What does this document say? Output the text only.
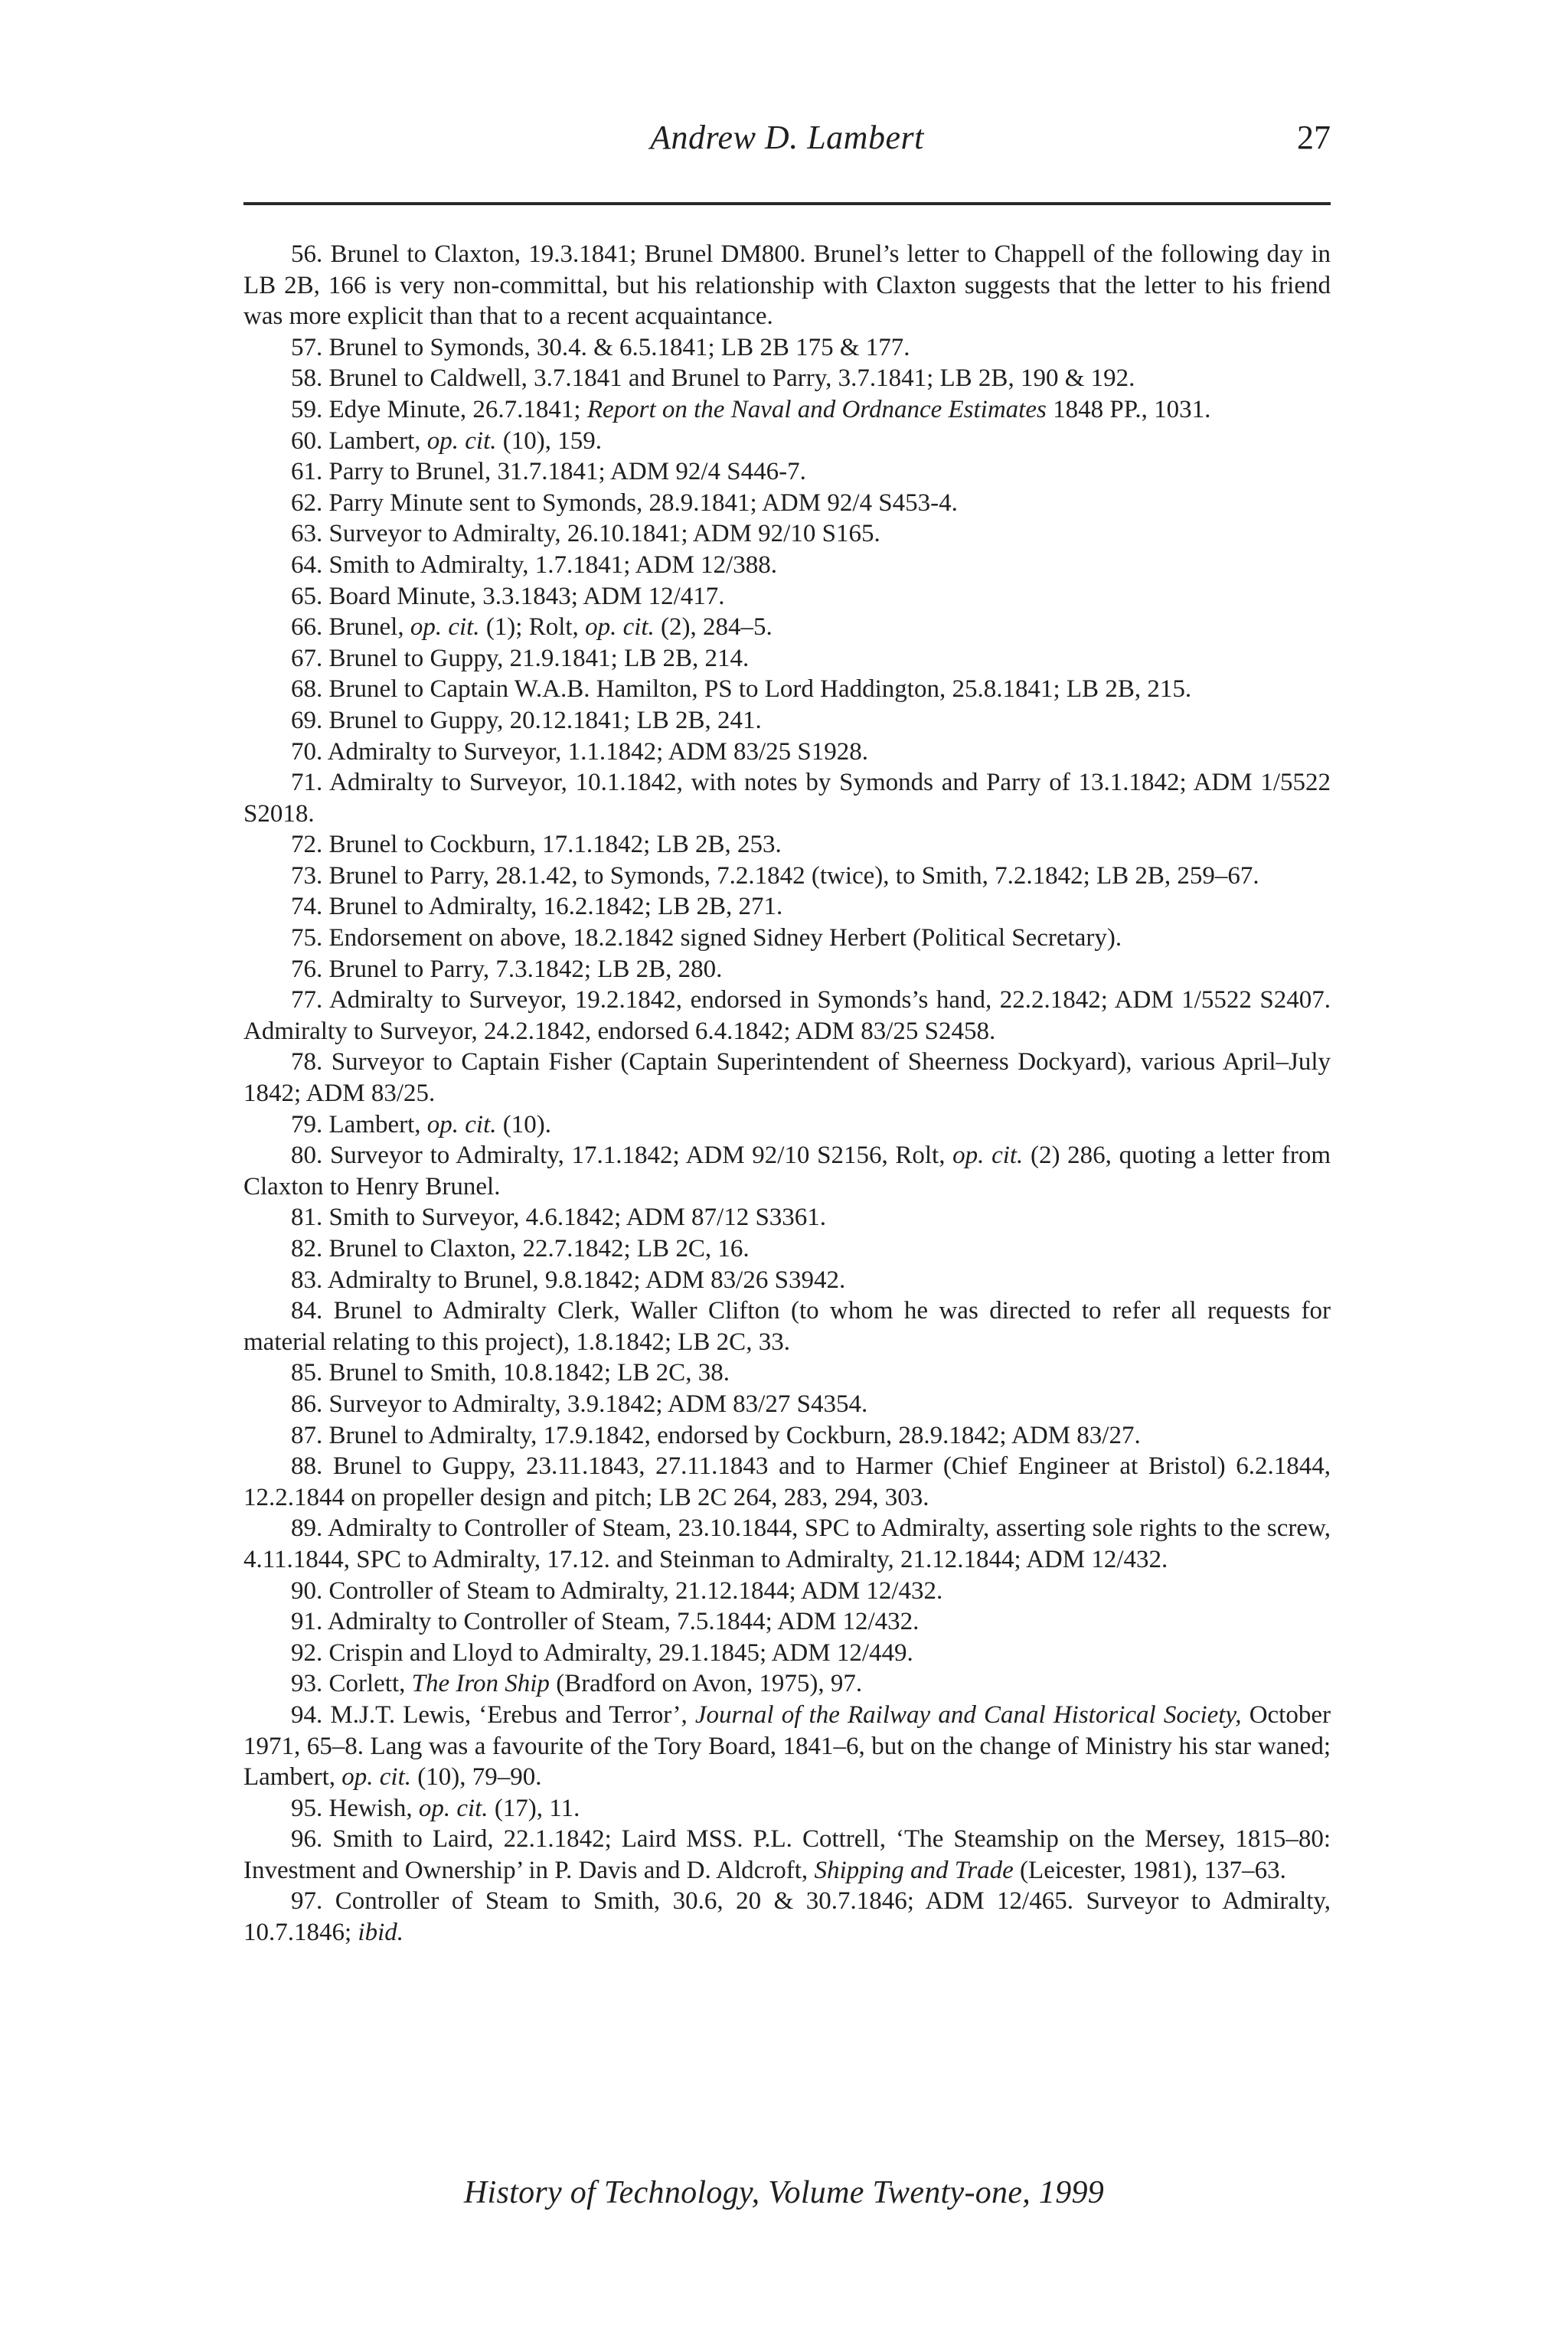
Andrew D. Lambert	27

56. Brunel to Claxton, 19.3.1841; Brunel DM800. Brunel’s letter to Chappell of the following day in LB 2B, 166 is very non-committal, but his relationship with Claxton suggests that the letter to his friend was more explicit than that to a recent acquaintance.

57. Brunel to Symonds, 30.4. & 6.5.1841; LB 2B 175 & 177.

58. Brunel to Caldwell, 3.7.1841 and Brunel to Parry, 3.7.1841; LB 2B, 190 & 192.

59. Edye Minute, 26.7.1841; Report on the Naval and Ordnance Estimates 1848 PP., 1031.

60. Lambert, op. cit. (10), 159.

61. Parry to Brunel, 31.7.1841; ADM 92/4 S446-7.

62. Parry Minute sent to Symonds, 28.9.1841; ADM 92/4 S453-4.

63. Surveyor to Admiralty, 26.10.1841; ADM 92/10 S165.

64. Smith to Admiralty, 1.7.1841; ADM 12/388.

65. Board Minute, 3.3.1843; ADM 12/417.

66. Brunel, op. cit. (1); Rolt, op. cit. (2), 284–5.

67. Brunel to Guppy, 21.9.1841; LB 2B, 214.

68. Brunel to Captain W.A.B. Hamilton, PS to Lord Haddington, 25.8.1841; LB 2B, 215.

69. Brunel to Guppy, 20.12.1841; LB 2B, 241.

70. Admiralty to Surveyor, 1.1.1842; ADM 83/25 S1928.

71. Admiralty to Surveyor, 10.1.1842, with notes by Symonds and Parry of 13.1.1842; ADM 1/5522 S2018.

72. Brunel to Cockburn, 17.1.1842; LB 2B, 253.

73. Brunel to Parry, 28.1.42, to Symonds, 7.2.1842 (twice), to Smith, 7.2.1842; LB 2B, 259–67.

74. Brunel to Admiralty, 16.2.1842; LB 2B, 271.

75. Endorsement on above, 18.2.1842 signed Sidney Herbert (Political Secretary).

76. Brunel to Parry, 7.3.1842; LB 2B, 280.

77. Admiralty to Surveyor, 19.2.1842, endorsed in Symonds’s hand, 22.2.1842; ADM 1/5522 S2407. Admiralty to Surveyor, 24.2.1842, endorsed 6.4.1842; ADM 83/25 S2458.

78. Surveyor to Captain Fisher (Captain Superintendent of Sheerness Dockyard), various April–July 1842; ADM 83/25.

79. Lambert, op. cit. (10).

80. Surveyor to Admiralty, 17.1.1842; ADM 92/10 S2156, Rolt, op. cit. (2) 286, quoting a letter from Claxton to Henry Brunel.

81. Smith to Surveyor, 4.6.1842; ADM 87/12 S3361.

82. Brunel to Claxton, 22.7.1842; LB 2C, 16.

83. Admiralty to Brunel, 9.8.1842; ADM 83/26 S3942.

84. Brunel to Admiralty Clerk, Waller Clifton (to whom he was directed to refer all requests for material relating to this project), 1.8.1842; LB 2C, 33.

85. Brunel to Smith, 10.8.1842; LB 2C, 38.

86. Surveyor to Admiralty, 3.9.1842; ADM 83/27 S4354.

87. Brunel to Admiralty, 17.9.1842, endorsed by Cockburn, 28.9.1842; ADM 83/27.

88. Brunel to Guppy, 23.11.1843, 27.11.1843 and to Harmer (Chief Engineer at Bristol) 6.2.1844, 12.2.1844 on propeller design and pitch; LB 2C 264, 283, 294, 303.

89. Admiralty to Controller of Steam, 23.10.1844, SPC to Admiralty, asserting sole rights to the screw, 4.11.1844, SPC to Admiralty, 17.12. and Steinman to Admiralty, 21.12.1844; ADM 12/432.

90. Controller of Steam to Admiralty, 21.12.1844; ADM 12/432.

91. Admiralty to Controller of Steam, 7.5.1844; ADM 12/432.

92. Crispin and Lloyd to Admiralty, 29.1.1845; ADM 12/449.

93. Corlett, The Iron Ship (Bradford on Avon, 1975), 97.

94. M.J.T. Lewis, ‘Erebus and Terror’, Journal of the Railway and Canal Historical Society, October 1971, 65–8. Lang was a favourite of the Tory Board, 1841–6, but on the change of Ministry his star waned; Lambert, op. cit. (10), 79–90.

95. Hewish, op. cit. (17), 11.

96. Smith to Laird, 22.1.1842; Laird MSS. P.L. Cottrell, ‘The Steamship on the Mersey, 1815–80: Investment and Ownership’ in P. Davis and D. Aldcroft, Shipping and Trade (Leicester, 1981), 137–63.

97. Controller of Steam to Smith, 30.6, 20 & 30.7.1846; ADM 12/465. Surveyor to Admiralty, 10.7.1846; ibid.

History of Technology, Volume Twenty-one, 1999
